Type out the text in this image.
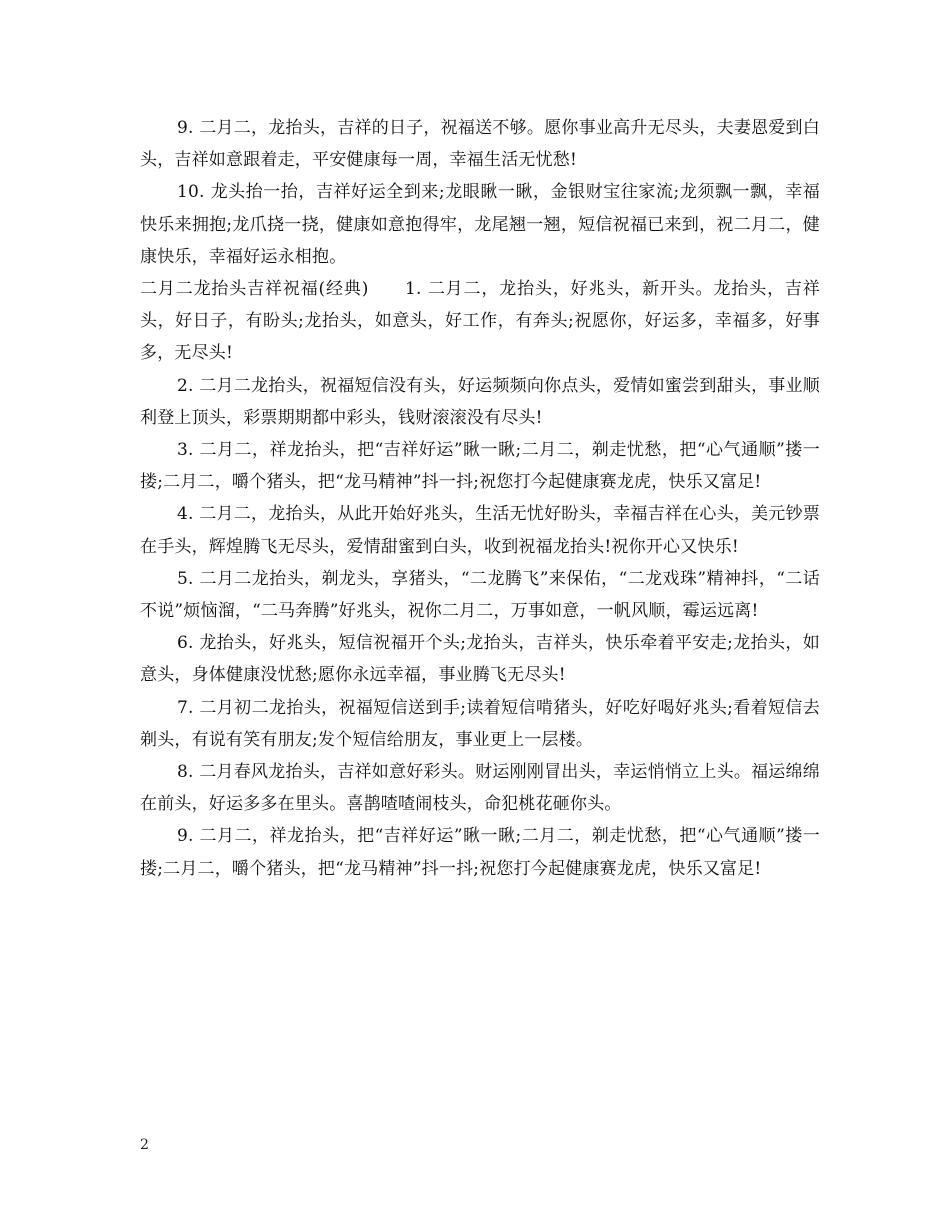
9. 二月二，龙抬头，吉祥的日子，祝福送不够。愿你事业高升无尽头，夫妻恩爱到白头，吉祥如意跟着走，平安健康每一周，幸福生活无忧愁!

10. 龙头抬一抬，吉祥好运全到来;龙眼瞅一瞅，金银财宝往家流;龙须飘一飘，幸福快乐来拥抱;龙爪挠一挠，健康如意抱得牢，龙尾翘一翘，短信祝福已来到，祝二月二，健康快乐，幸福好运永相抱。

二月二龙抬头吉祥祝福(经典)　　1. 二月二，龙抬头，好兆头，新开头。龙抬头，吉祥头，好日子，有盼头;龙抬头，如意头，好工作，有奔头;祝愿你，好运多，幸福多，好事多，无尽头!

2. 二月二龙抬头，祝福短信没有头，好运频频向你点头，爱情如蜜尝到甜头，事业顺利登上顶头，彩票期期都中彩头，钱财滚滚没有尽头!

3. 二月二，祥龙抬头，把“吉祥好运”瞅一瞅;二月二，剃走忧愁，把“心气通顺”搂一搂;二月二，嚼个猪头，把“龙马精神”抖一抖;祝您打今起健康赛龙虎，快乐又富足!

4. 二月二，龙抬头，从此开始好兆头，生活无忧好盼头，幸福吉祥在心头，美元钞票在手头，辉煌腾飞无尽头，爱情甜蜜到白头，收到祝福龙抬头!祝你开心又快乐!

5. 二月二龙抬头，剃龙头，享猪头，“二龙腾飞”来保佑，“二龙戏珠”精神抖，“二话不说”烦恼溜，“二马奔腾”好兆头，祝你二月二，万事如意，一帆风顺，霉运远离!

6. 龙抬头，好兆头，短信祝福开个头;龙抬头，吉祥头，快乐牵着平安走;龙抬头，如意头，身体健康没忧愁;愿你永远幸福，事业腾飞无尽头!

7. 二月初二龙抬头，祝福短信送到手;读着短信啃猪头，好吃好喝好兆头;看着短信去剃头，有说有笑有朋友;发个短信给朋友，事业更上一层楼。

8. 二月春风龙抬头，吉祥如意好彩头。财运刚刚冒出头，幸运悄悄立上头。福运绵绵在前头，好运多多在里头。喜鹊喳喳闹枝头，命犯桃花砸你头。

9. 二月二，祥龙抬头，把“吉祥好运”瞅一瞅;二月二，剃走忧愁，把“心气通顺”搂一搂;二月二，嚼个猪头，把“龙马精神”抖一抖;祝您打今起健康赛龙虎，快乐又富足!

2
